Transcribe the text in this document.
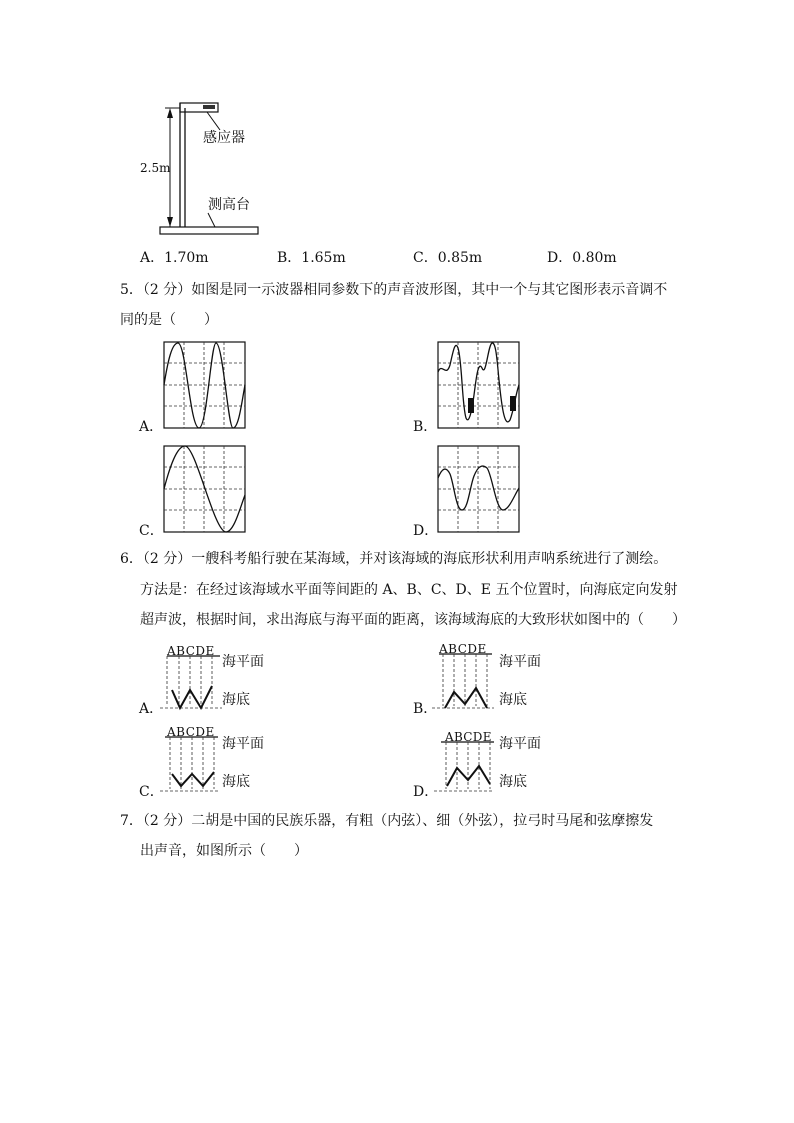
2.5m
感应器
测高台
A．1.70m	B．1.65m	C．0.85m	D．0.80m
5．（2 分）如图是同一示波器相同参数下的声音波形图，其中一个与其它图形表示音调不
同的是（　　）
A．	B．
C．	D．
6．（2 分）一艘科考船行驶在某海域，并对该海域的海底形状利用声呐系统进行了测绘。
方法是：在经过该海域水平面等间距的 A、B、C、D、E 五个位置时，向海底定向发射
超声波，根据时间，求出海底与海平面的距离，该海域海底的大致形状如图中的（　　）
ABCDE
海平面
海底
ABCDE
海平面
海底
ABCDE
海平面
海底
ABCDE 海平面
海底
A．	B．
C．	D．
7．（2 分）二胡是中国的民族乐器，有粗（内弦）、细（外弦），拉弓时马尾和弦摩擦发
出声音，如图所示（　　）
